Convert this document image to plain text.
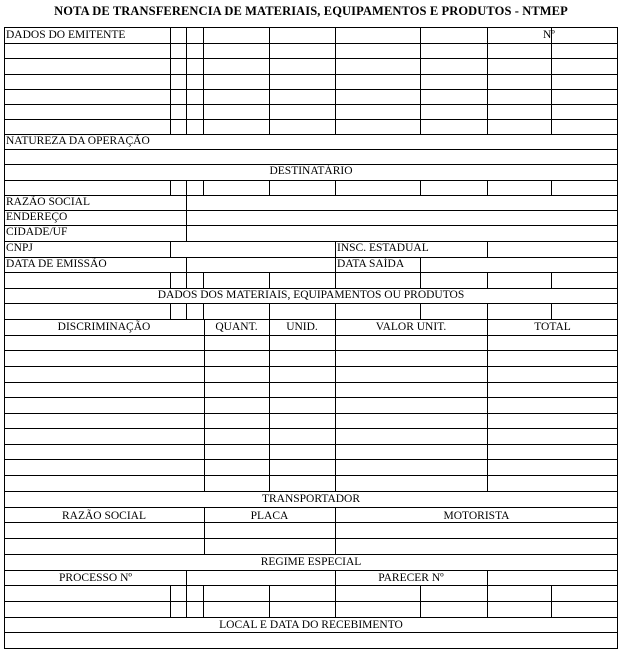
NOTA DE TRANSFERENCIA DE MATERIAIS, EQUIPAMENTOS E PRODUTOS - NTMEP
DADOS DO EMITENTE	Nº
NATUREZA DA OPERAÇÃO
DESTINATÁRIO
RAZÃO SOCIAL
ENDEREÇO
CIDADE/UF
CNPJ	INSC. ESTADUAL
DATA DE EMISSÃO	DATA SAÍDA
DADOS DOS MATERIAIS, EQUIPAMENTOS OU PRODUTOS
DISCRIMINAÇÃO	QUANT.	UNID.	VALOR UNIT.	TOTAL
TRANSPORTADOR
RAZÃO SOCIAL	PLACA	MOTORISTA
REGIME ESPECIAL
PROCESSO Nº	PARECER Nº
LOCAL E DATA DO RECEBIMENTO
